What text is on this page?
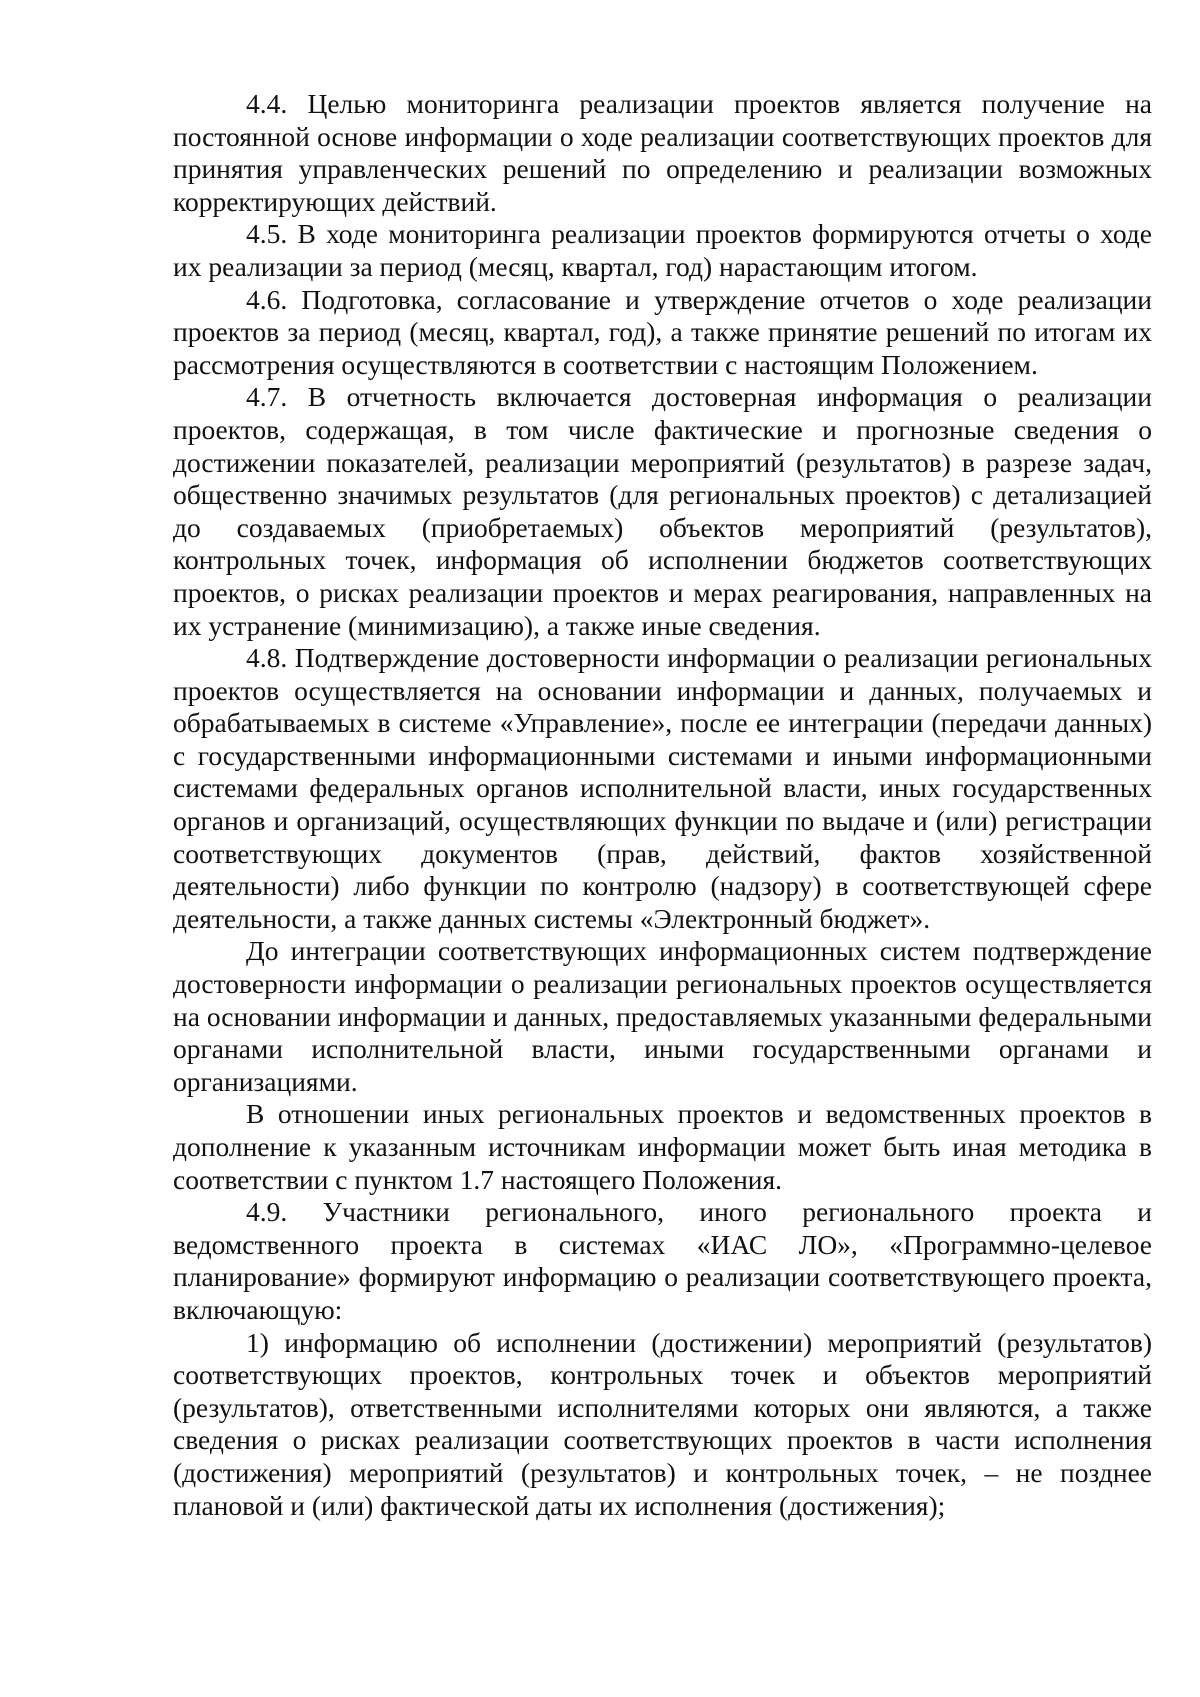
4.4. Целью мониторинга реализации проектов является получение на постоянной основе информации о ходе реализации соответствующих проектов для принятия управленческих решений по определению и реализации возможных корректирующих действий.

4.5. В ходе мониторинга реализации проектов формируются отчеты о ходе их реализации за период (месяц, квартал, год) нарастающим итогом.

4.6. Подготовка, согласование и утверждение отчетов о ходе реализации проектов за период (месяц, квартал, год), а также принятие решений по итогам их рассмотрения осуществляются в соответствии с настоящим Положением.

4.7. В отчетность включается достоверная информация о реализации проектов, содержащая, в том числе фактические и прогнозные сведения о достижении показателей, реализации мероприятий (результатов) в разрезе задач, общественно значимых результатов (для региональных проектов) с детализацией до создаваемых (приобретаемых) объектов мероприятий (результатов), контрольных точек, информация об исполнении бюджетов соответствующих проектов, о рисках реализации проектов и мерах реагирования, направленных на их устранение (минимизацию), а также иные сведения.

4.8. Подтверждение достоверности информации о реализации региональных проектов осуществляется на основании информации и данных, получаемых и обрабатываемых в системе «Управление», после ее интеграции (передачи данных) с государственными информационными системами и иными информационными системами федеральных органов исполнительной власти, иных государственных органов и организаций, осуществляющих функции по выдаче и (или) регистрации соответствующих документов (прав, действий, фактов хозяйственной деятельности) либо функции по контролю (надзору) в соответствующей сфере деятельности, а также данных системы «Электронный бюджет».

До интеграции соответствующих информационных систем подтверждение достоверности информации о реализации региональных проектов осуществляется на основании информации и данных, предоставляемых указанными федеральными органами исполнительной власти, иными государственными органами и организациями.

В отношении иных региональных проектов и ведомственных проектов в дополнение к указанным источникам информации может быть иная методика в соответствии с пунктом 1.7 настоящего Положения.

4.9. Участники регионального, иного регионального проекта и ведомственного проекта в системах «ИАС ЛО», «Программно-целевое планирование» формируют информацию о реализации соответствующего проекта, включающую:

1) информацию об исполнении (достижении) мероприятий (результатов) соответствующих проектов, контрольных точек и объектов мероприятий (результатов), ответственными исполнителями которых они являются, а также сведения о рисках реализации соответствующих проектов в части исполнения (достижения) мероприятий (результатов) и контрольных точек, – не позднее плановой и (или) фактической даты их исполнения (достижения);
